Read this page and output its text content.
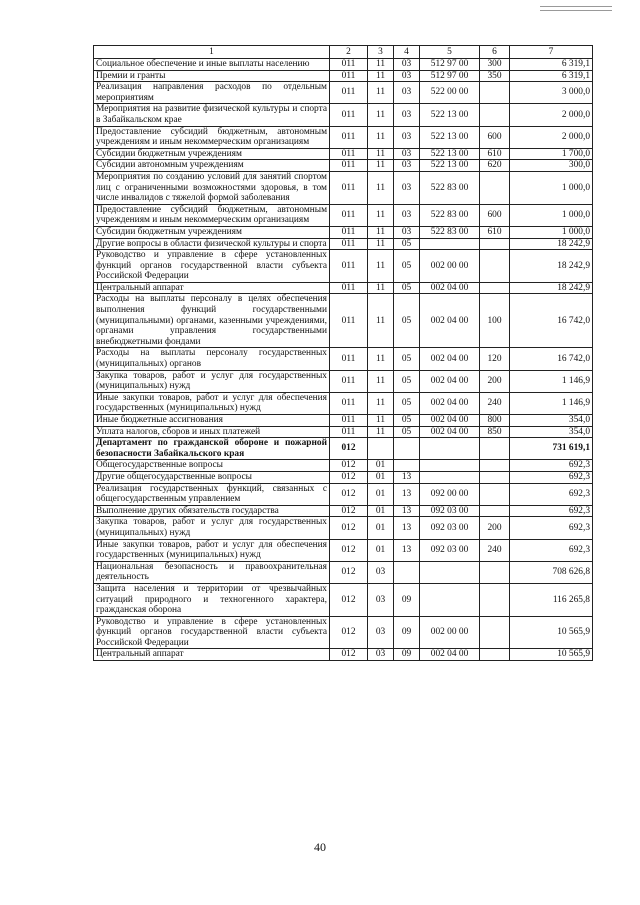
1	2	3	4	5	6	7
Социальное обеспечение и иные выплаты населению	011	11	03	512 97 00	300	6 319,1
Премии и гранты	011	11	03	512 97 00	350	6 319,1
Реализация направления расходов по отдельным мероприятиям	011	11	03	522 00 00		3 000,0
Мероприятия на развитие физической культуры и спорта в Забайкальском крае	011	11	03	522 13 00		2 000,0
Предоставление субсидий бюджетным, автономным учреждениям и иным некоммерческим организациям	011	11	03	522 13 00	600	2 000,0
Субсидии бюджетным учреждениям	011	11	03	522 13 00	610	1 700,0
Субсидии автономным учреждениям	011	11	03	522 13 00	620	300,0
Мероприятия по созданию условий для занятий спортом лиц с ограниченными возможностями здоровья, в том числе инвалидов с тяжелой формой заболевания	011	11	03	522 83 00		1 000,0
Предоставление субсидий бюджетным, автономным учреждениям и иным некоммерческим организациям	011	11	03	522 83 00	600	1 000,0
Субсидии бюджетным учреждениям	011	11	03	522 83 00	610	1 000,0
Другие вопросы в области физической культуры и спорта	011	11	05			18 242,9
Руководство и управление в сфере установленных функций органов государственной власти субъекта Российской Федерации	011	11	05	002 00 00		18 242,9
Центральный аппарат	011	11	05	002 04 00		18 242,9
Расходы на выплаты персоналу в целях обеспечения выполнения функций государственными (муниципальными) органами, казенными учреждениями, органами управления государственными внебюджетными фондами	011	11	05	002 04 00	100	16 742,0
Расходы на выплаты персоналу государственных (муниципальных) органов	011	11	05	002 04 00	120	16 742,0
Закупка товаров, работ и услуг для государственных (муниципальных) нужд	011	11	05	002 04 00	200	1 146,9
Иные закупки товаров, работ и услуг для обеспечения государственных (муниципальных) нужд	011	11	05	002 04 00	240	1 146,9
Иные бюджетные ассигнования	011	11	05	002 04 00	800	354,0
Уплата налогов, сборов и иных платежей	011	11	05	002 04 00	850	354,0
Департамент по гражданской обороне и пожарной безопасности Забайкальского края	012					731 619,1
Общегосударственные вопросы	012	01				692,3
Другие общегосударственные вопросы	012	01	13			692,3
Реализация государственных функций, связанных с общегосударственным управлением	012	01	13	092 00 00		692,3
Выполнение других обязательств государства	012	01	13	092 03 00		692,3
Закупка товаров, работ и услуг для государственных (муниципальных) нужд	012	01	13	092 03 00	200	692,3
Иные закупки товаров, работ и услуг для обеспечения государственных (муниципальных) нужд	012	01	13	092 03 00	240	692,3
Национальная безопасность и правоохранительная деятельность	012	03				708 626,8
Защита населения и территории от чрезвычайных ситуаций природного и техногенного характера, гражданская оборона	012	03	09			116 265,8
Руководство и управление в сфере установленных функций органов государственной власти субъекта Российской Федерации	012	03	09	002 00 00		10 565,9
Центральный аппарат	012	03	09	002 04 00		10 565,9
40
